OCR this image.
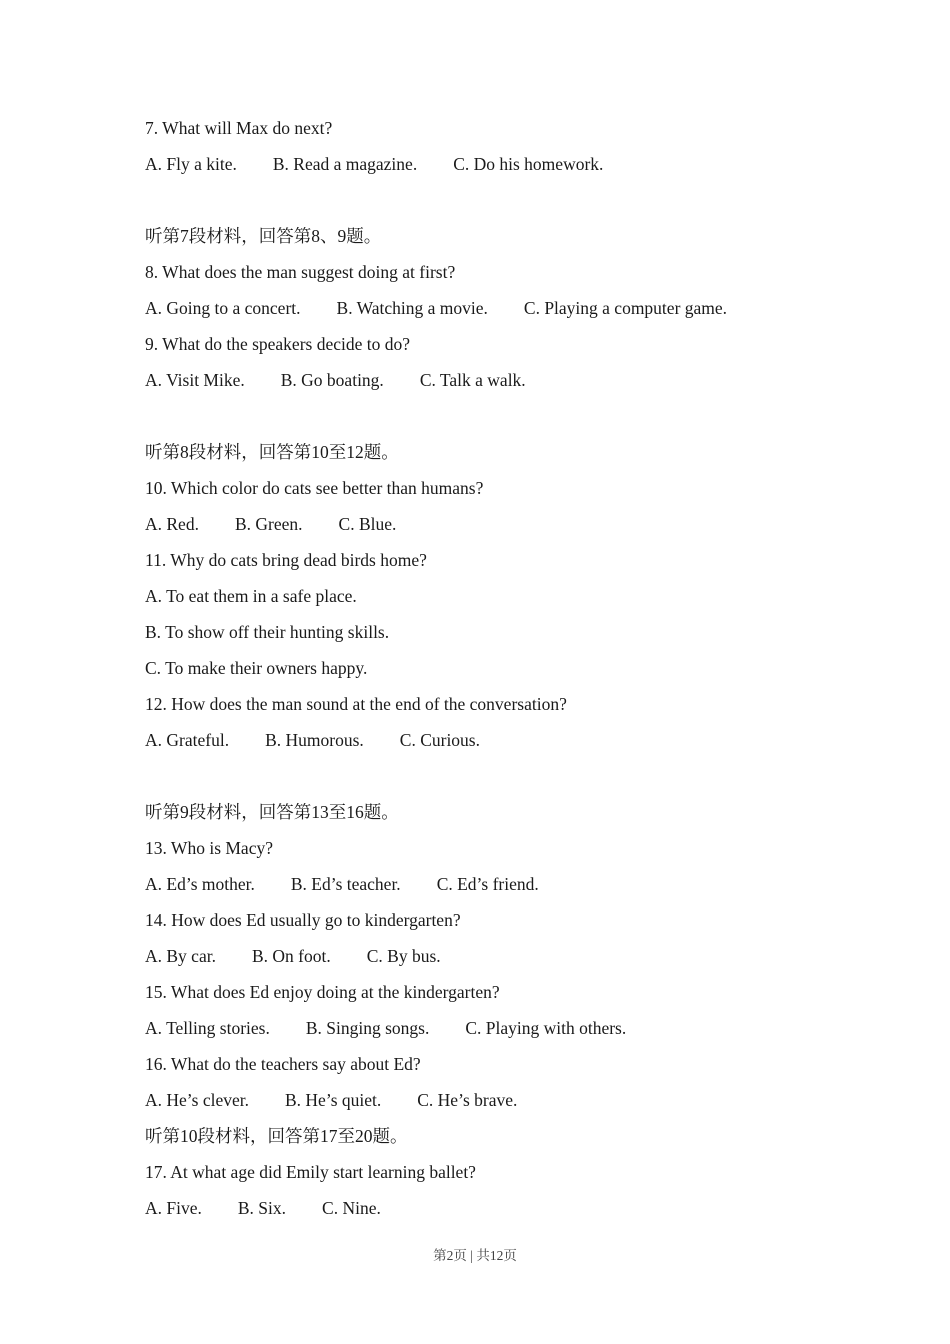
7. What will Max do next?
A. Fly a kite. B. Read a magazine. C. Do his homework.
听第7段材料，回答第8、9题。
8. What does the man suggest doing at first?
A. Going to a concert. B. Watching a movie. C. Playing a computer game.
9. What do the speakers decide to do?
A. Visit Mike. B. Go boating. C. Talk a walk.
听第8段材料，回答第10至12题。
10. Which color do cats see better than humans?
A. Red. B. Green. C. Blue.
11. Why do cats bring dead birds home?
A. To eat them in a safe place.
B. To show off their hunting skills.
C. To make their owners happy.
12. How does the man sound at the end of the conversation?
A. Grateful. B. Humorous. C. Curious.
听第9段材料，回答第13至16题。
13. Who is Macy?
A. Ed’s mother. B. Ed’s teacher. C. Ed’s friend.
14. How does Ed usually go to kindergarten?
A. By car. B. On foot. C. By bus.
15. What does Ed enjoy doing at the kindergarten?
A. Telling stories. B. Singing songs. C. Playing with others.
16. What do the teachers say about Ed?
A. He’s clever. B. He’s quiet. C. He’s brave.
听第10段材料，回答第17至20题。
17. At what age did Emily start learning ballet?
A. Five. B. Six. C. Nine.
第2页 | 共12页
